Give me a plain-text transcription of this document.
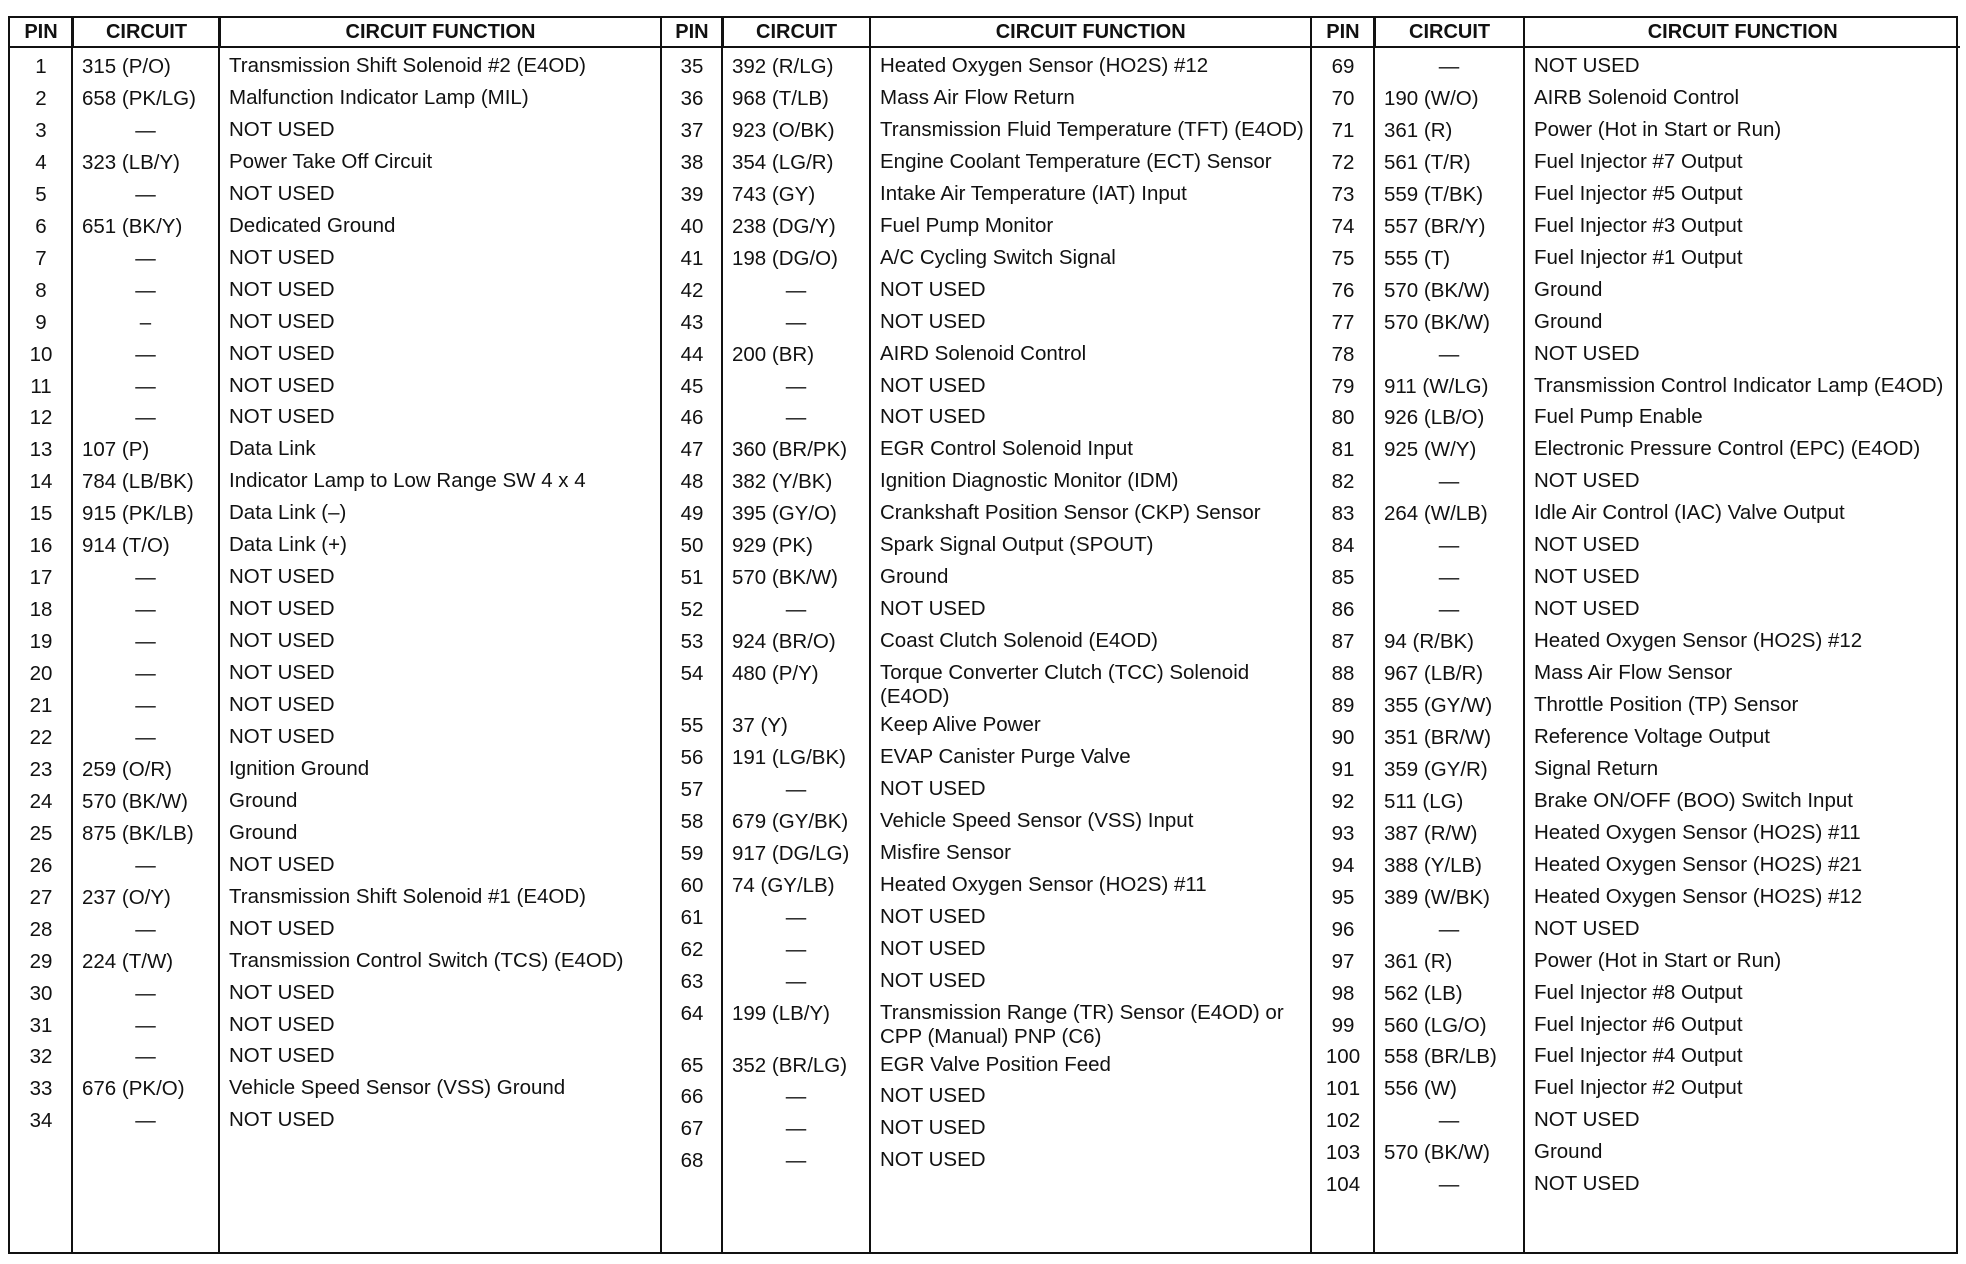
PIN	CIRCUIT	CIRCUIT FUNCTION
1	315 (P/O)	Transmission Shift Solenoid #2 (E4OD)
2	658 (PK/LG) Malfunction Indicator Lamp (MIL)
3	—	NOT USED
4	323 (LB/Y) Power Take Off Circuit
5	—	NOT USED
6	651 (BK/Y) Dedicated Ground
7	—	NOT USED
8	—	NOT USED
9	–	NOT USED
10	—	NOT USED
11	—	NOT USED
12	—	NOT USED
13	107 (P)	Data Link
14	784 (LB/BK) Indicator Lamp to Low Range SW 4 x 4
15	915 (PK/LB) Data Link (–)
16	914 (T/O)	Data Link (+)
17	—	NOT USED
18	—	NOT USED
19	—	NOT USED
20	—	NOT USED
21	—	NOT USED
22	—	NOT USED
23	259 (O/R)	Ignition Ground
24	570 (BK/W) Ground
25	875 (BK/LB) Ground
26	—	NOT USED
27	237 (O/Y)	Transmission Shift Solenoid #1 (E4OD)
28	—	NOT USED
29	224 (T/W)	Transmission Control Switch (TCS) (E4OD)
30	—	NOT USED
31	—	NOT USED
32	—	NOT USED
33	676 (PK/O) Vehicle Speed Sensor (VSS) Ground
34	—	NOT USED
PIN	CIRCUIT	CIRCUIT FUNCTION
35	392 (R/LG) Heated Oxygen Sensor (HO2S) #12
36	968 (T/LB) Mass Air Flow Return
37	923 (O/BK) Transmission Fluid Temperature (TFT) (E4OD)
38	354 (LG/R) Engine Coolant Temperature (ECT) Sensor
39	743 (GY)	Intake Air Temperature (IAT) Input
40	238 (DG/Y) Fuel Pump Monitor
41	198 (DG/O) A/C Cycling Switch Signal
42	—	NOT USED
43	—	NOT USED
44	200 (BR)	AIRD Solenoid Control
45	—	NOT USED
46	—	NOT USED
47	360 (BR/PK) EGR Control Solenoid Input
48	382 (Y/BK) Ignition Diagnostic Monitor (IDM)
49	395 (GY/O) Crankshaft Position Sensor (CKP) Sensor
50	929 (PK)	Spark Signal Output (SPOUT)
51	570 (BK/W) Ground
52	—	NOT USED
53	924 (BR/O) Coast Clutch Solenoid (E4OD)
54	480 (P/Y)	Torque Converter Clutch (TCC) Solenoid (E4OD)
55	37 (Y)	Keep Alive Power
56	191 (LG/BK) EVAP Canister Purge Valve
57	—	NOT USED
58	679 (GY/BK) Vehicle Speed Sensor (VSS) Input
59	917 (DG/LG) Misfire Sensor
60	74 (GY/LB) Heated Oxygen Sensor (HO2S) #11
61	—	NOT USED
62	—	NOT USED
63	—	NOT USED
64	199 (LB/Y) Transmission Range (TR) Sensor (E4OD) or CPP (Manual) PNP (C6)
65	352 (BR/LG) EGR Valve Position Feed
66	—	NOT USED
67	—	NOT USED
68	—	NOT USED
PIN	CIRCUIT	CIRCUIT FUNCTION
69	—	NOT USED
70	190 (W/O)	AIRB Solenoid Control
71	361 (R)	Power (Hot in Start or Run)
72	561 (T/R)	Fuel Injector #7 Output
73	559 (T/BK) Fuel Injector #5 Output
74	557 (BR/Y) Fuel Injector #3 Output
75	555 (T)	Fuel Injector #1 Output
76	570 (BK/W) Ground
77	570 (BK/W) Ground
78	—	NOT USED
79	911 (W/LG) Transmission Control Indicator Lamp (E4OD)
80	926 (LB/O) Fuel Pump Enable
81	925 (W/Y)	Electronic Pressure Control (EPC) (E4OD)
82	—	NOT USED
83	264 (W/LB) Idle Air Control (IAC) Valve Output
84	—	NOT USED
85	—	NOT USED
86	—	NOT USED
87	94 (R/BK)	Heated Oxygen Sensor (HO2S) #12
88	967 (LB/R) Mass Air Flow Sensor
89	355 (GY/W) Throttle Position (TP) Sensor
90	351 (BR/W) Reference Voltage Output
91	359 (GY/R) Signal Return
92	511 (LG)	Brake ON/OFF (BOO) Switch Input
93	387 (R/W)	Heated Oxygen Sensor (HO2S) #11
94	388 (Y/LB)	Heated Oxygen Sensor (HO2S) #21
95	389 (W/BK) Heated Oxygen Sensor (HO2S) #12
96	—	NOT USED
97	361 (R)	Power (Hot in Start or Run)
98	562 (LB)	Fuel Injector #8 Output
99	560 (LG/O) Fuel Injector #6 Output
100	558 (BR/LB) Fuel Injector #4 Output
101	556 (W)	Fuel Injector #2 Output
102	—	NOT USED
103	570 (BK/W) Ground
104	—	NOT USED
